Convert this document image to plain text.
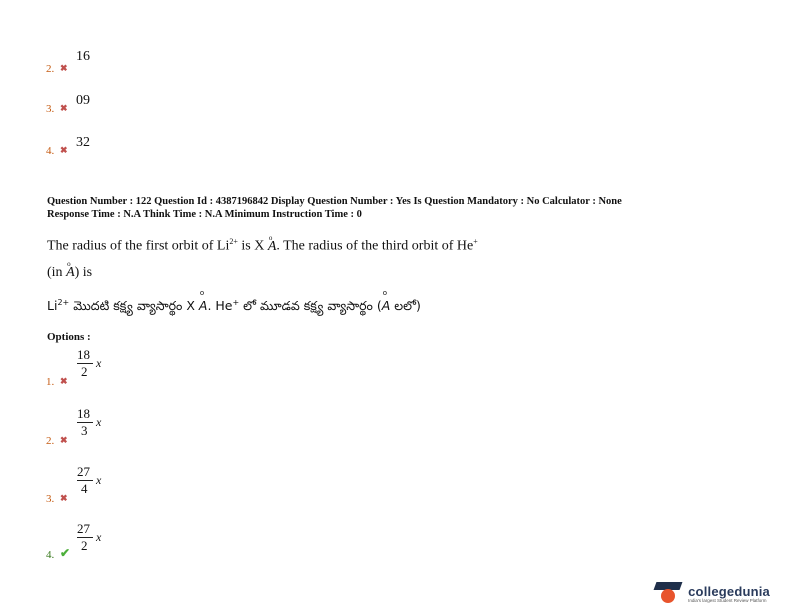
2. ✖
16
3. ✖ 09
4. ✖ 32
Question Number : 122 Question Id : 4387196842 Display Question Number : Yes Is Question Mandatory : No Calculator : None
Response Time : N.A Think Time : N.A Minimum Instruction Time : 0
The radius of the first orbit of $Li^{2+}$ is X o A. The radius of the third orbit of He+
(in o A) is
$Li^{2+}$ మొదటి కక్ష్య వ్యాసార్థం X o A. He+ లో మూడవ కక్ష్య వ్యాసార్థం (o A లలో)
Options :
1. ✖
18
2
x
2. ✖
18
3
x
3. ✖
27
4
x
4. ✔
27
2
x
collegedunia
India's largest Student Review Platform
